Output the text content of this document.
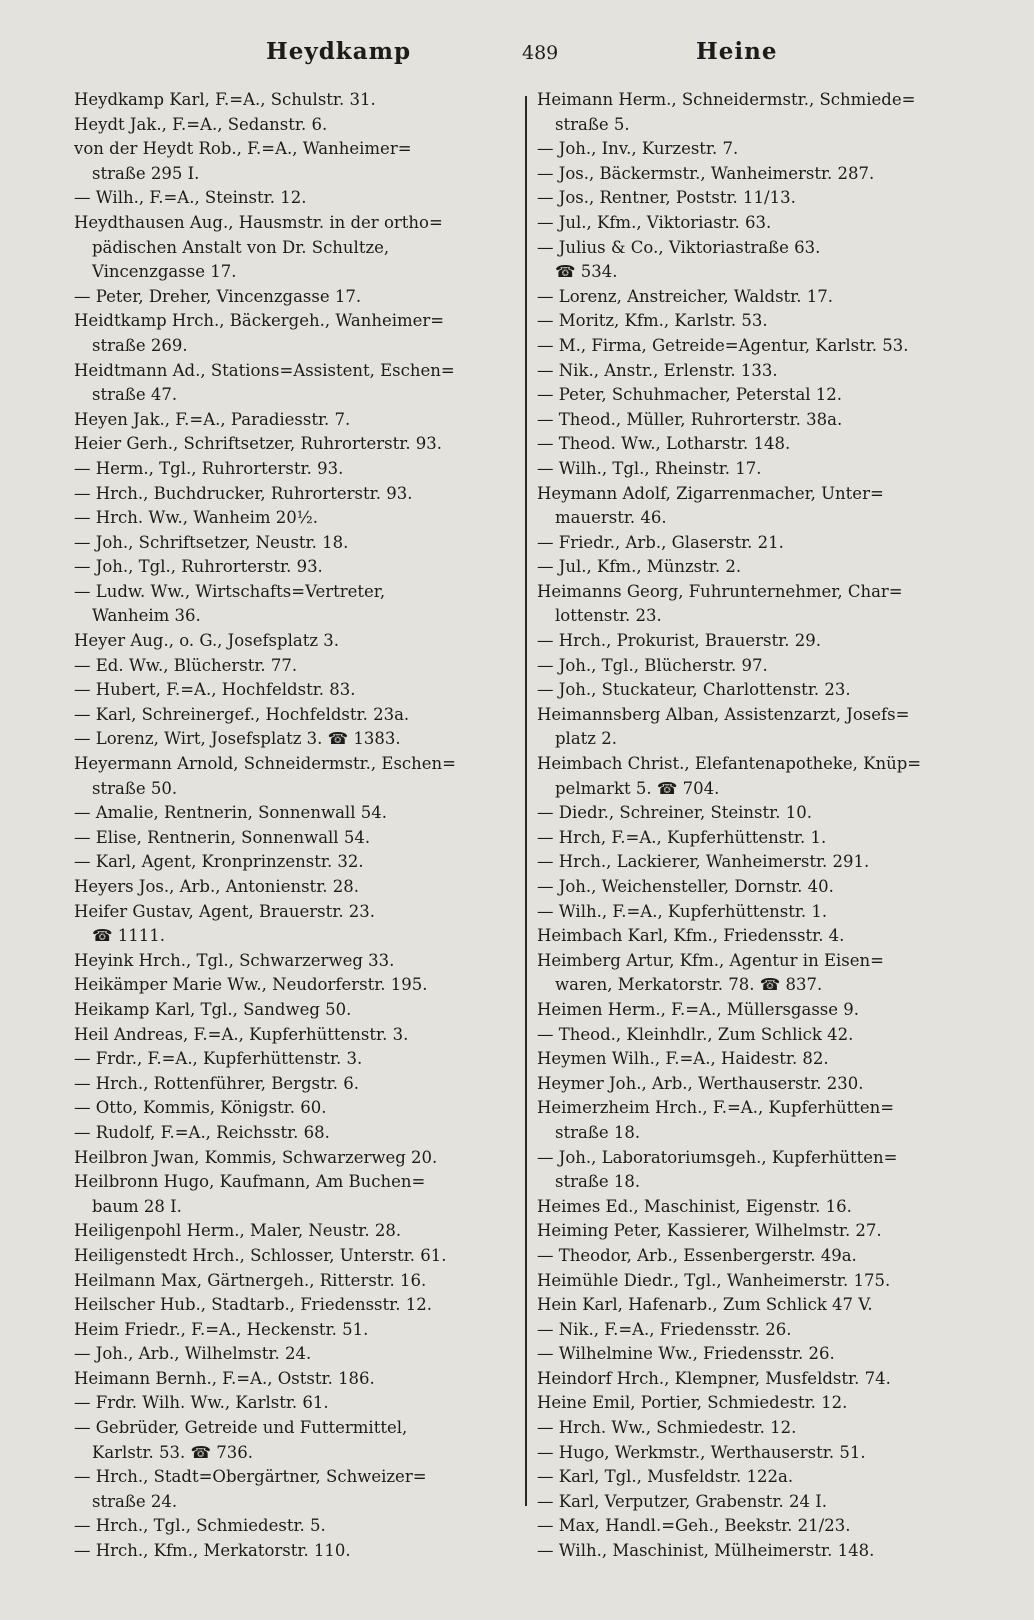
Heydkamp	489	Heine
Heydkamp Karl, F.=A., Schulstr. 31.
Heydt Jak., F.=A., Sedanstr. 6.
von der Heydt Rob., F.=A., Wanheimer=
straße 295 I.
— Wilh., F.=A., Steinstr. 12.
Heydthausen Aug., Hausmstr. in der ortho=
pädischen Anstalt von Dr. Schultze,
Vincenzgasse 17.
— Peter, Dreher, Vincenzgasse 17.
Heidtkamp Hrch., Bäckergeh., Wanheimer=
straße 269.
Heidtmann Ad., Stations=Assistent, Eschen=
straße 47.
Heyen Jak., F.=A., Paradiesstr. 7.
Heier Gerh., Schriftsetzer, Ruhrorterstr. 93.
— Herm., Tgl., Ruhrorterstr. 93.
— Hrch., Buchdrucker, Ruhrorterstr. 93.
— Hrch. Ww., Wanheim 20½.
— Joh., Schriftsetzer, Neustr. 18.
— Joh., Tgl., Ruhrorterstr. 93.
— Ludw. Ww., Wirtschafts=Vertreter,
Wanheim 36.
Heyer Aug., o. G., Josefsplatz 3.
— Ed. Ww., Blücherstr. 77.
— Hubert, F.=A., Hochfeldstr. 83.
— Karl, Schreinergef., Hochfeldstr. 23a.
— Lorenz, Wirt, Josefsplatz 3. ☎ 1383.
Heyermann Arnold, Schneidermstr., Eschen=
straße 50.
— Amalie, Rentnerin, Sonnenwall 54.
— Elise, Rentnerin, Sonnenwall 54.
— Karl, Agent, Kronprinzenstr. 32.
Heyers Jos., Arb., Antonienstr. 28.
Heifer Gustav, Agent, Brauerstr. 23.
☎ 1111.
Heyink Hrch., Tgl., Schwarzerweg 33.
Heikämper Marie Ww., Neudorferstr. 195.
Heikamp Karl, Tgl., Sandweg 50.
Heil Andreas, F.=A., Kupferhüttenstr. 3.
— Frdr., F.=A., Kupferhüttenstr. 3.
— Hrch., Rottenführer, Bergstr. 6.
— Otto, Kommis, Königstr. 60.
— Rudolf, F.=A., Reichsstr. 68.
Heilbron Jwan, Kommis, Schwarzerweg 20.
Heilbronn Hugo, Kaufmann, Am Buchen=
baum 28 I.
Heiligenpohl Herm., Maler, Neustr. 28.
Heiligenstedt Hrch., Schlosser, Unterstr. 61.
Heilmann Max, Gärtnergeh., Ritterstr. 16.
Heilscher Hub., Stadtarb., Friedensstr. 12.
Heim Friedr., F.=A., Heckenstr. 51.
— Joh., Arb., Wilhelmstr. 24.
Heimann Bernh., F.=A., Oststr. 186.
— Frdr. Wilh. Ww., Karlstr. 61.
— Gebrüder, Getreide und Futtermittel,
Karlstr. 53. ☎ 736.
— Hrch., Stadt=Obergärtner, Schweizer=
straße 24.
— Hrch., Tgl., Schmiedestr. 5.
— Hrch., Kfm., Merkatorstr. 110.
Heimann Herm., Schneidermstr., Schmiede=
straße 5.
— Joh., Inv., Kurzestr. 7.
— Jos., Bäckermstr., Wanheimerstr. 287.
— Jos., Rentner, Poststr. 11/13.
— Jul., Kfm., Viktoriastr. 63.
— Julius & Co., Viktoriastraße 63.
☎ 534.
— Lorenz, Anstreicher, Waldstr. 17.
— Moritz, Kfm., Karlstr. 53.
— M., Firma, Getreide=Agentur, Karlstr. 53.
— Nik., Anstr., Erlenstr. 133.
— Peter, Schuhmacher, Peterstal 12.
— Theod., Müller, Ruhrorterstr. 38a.
— Theod. Ww., Lotharstr. 148.
— Wilh., Tgl., Rheinstr. 17.
Heymann Adolf, Zigarrenmacher, Unter=
mauerstr. 46.
— Friedr., Arb., Glaserstr. 21.
— Jul., Kfm., Münzstr. 2.
Heimanns Georg, Fuhrunternehmer, Char=
lottenstr. 23.
— Hrch., Prokurist, Brauerstr. 29.
— Joh., Tgl., Blücherstr. 97.
— Joh., Stuckateur, Charlottenstr. 23.
Heimannsberg Alban, Assistenzarzt, Josefs=
platz 2.
Heimbach Christ., Elefantenapotheke, Knüp=
pelmarkt 5. ☎ 704.
— Diedr., Schreiner, Steinstr. 10.
— Hrch, F.=A., Kupferhüttenstr. 1.
— Hrch., Lackierer, Wanheimerstr. 291.
— Joh., Weichensteller, Dornstr. 40.
— Wilh., F.=A., Kupferhüttenstr. 1.
Heimbach Karl, Kfm., Friedensstr. 4.
Heimberg Artur, Kfm., Agentur in Eisen=
waren, Merkatorstr. 78. ☎ 837.
Heimen Herm., F.=A., Müllersgasse 9.
— Theod., Kleinhdlr., Zum Schlick 42.
Heymen Wilh., F.=A., Haidestr. 82.
Heymer Joh., Arb., Werthauserstr. 230.
Heimerzheim Hrch., F.=A., Kupferhütten=
straße 18.
— Joh., Laboratoriumsgeh., Kupferhütten=
straße 18.
Heimes Ed., Maschinist, Eigenstr. 16.
Heiming Peter, Kassierer, Wilhelmstr. 27.
— Theodor, Arb., Essenbergerstr. 49a.
Heimühle Diedr., Tgl., Wanheimerstr. 175.
Hein Karl, Hafenarb., Zum Schlick 47 V.
— Nik., F.=A., Friedensstr. 26.
— Wilhelmine Ww., Friedensstr. 26.
Heindorf Hrch., Klempner, Musfeldstr. 74.
Heine Emil, Portier, Schmiedestr. 12.
— Hrch. Ww., Schmiedestr. 12.
— Hugo, Werkmstr., Werthauserstr. 51.
— Karl, Tgl., Musfeldstr. 122a.
— Karl, Verputzer, Grabenstr. 24 I.
— Max, Handl.=Geh., Beekstr. 21/23.
— Wilh., Maschinist, Mülheimerstr. 148.
